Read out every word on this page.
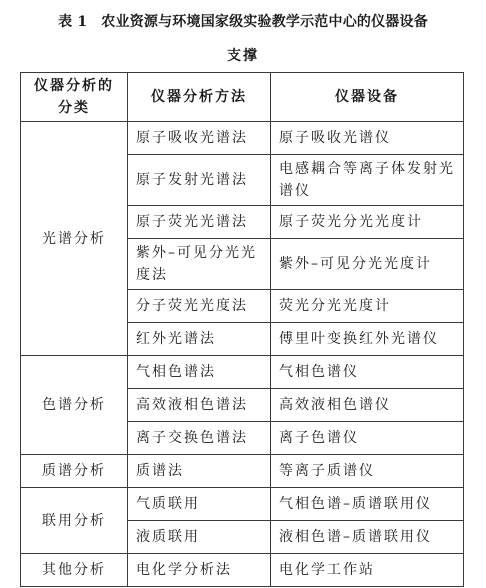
表 1 农业资源与环境国家级实验教学示范中心的仪器设备
支撑
仪器分析的
分类	仪器分析方法	仪器设备
光谱分析	原子吸收光谱法	原子吸收光谱仪
	原子发射光谱法	电感耦合等离子体发射光谱仪
	原子荧光光谱法	原子荧光分光光度计
	紫外–可见分光光度法	紫外–可见分光光度计
	分子荧光光度法	荧光分光光度计
	红外光谱法	傅里叶变换红外光谱仪
色谱分析	气相色谱法	气相色谱仪
	高效液相色谱法	高效液相色谱仪
	离子交换色谱法	离子色谱仪
质谱分析	质谱法	等离子质谱仪
联用分析	气质联用	气相色谱–质谱联用仪
	液质联用	液相色谱–质谱联用仪
其他分析	电化学分析法	电化学工作站
